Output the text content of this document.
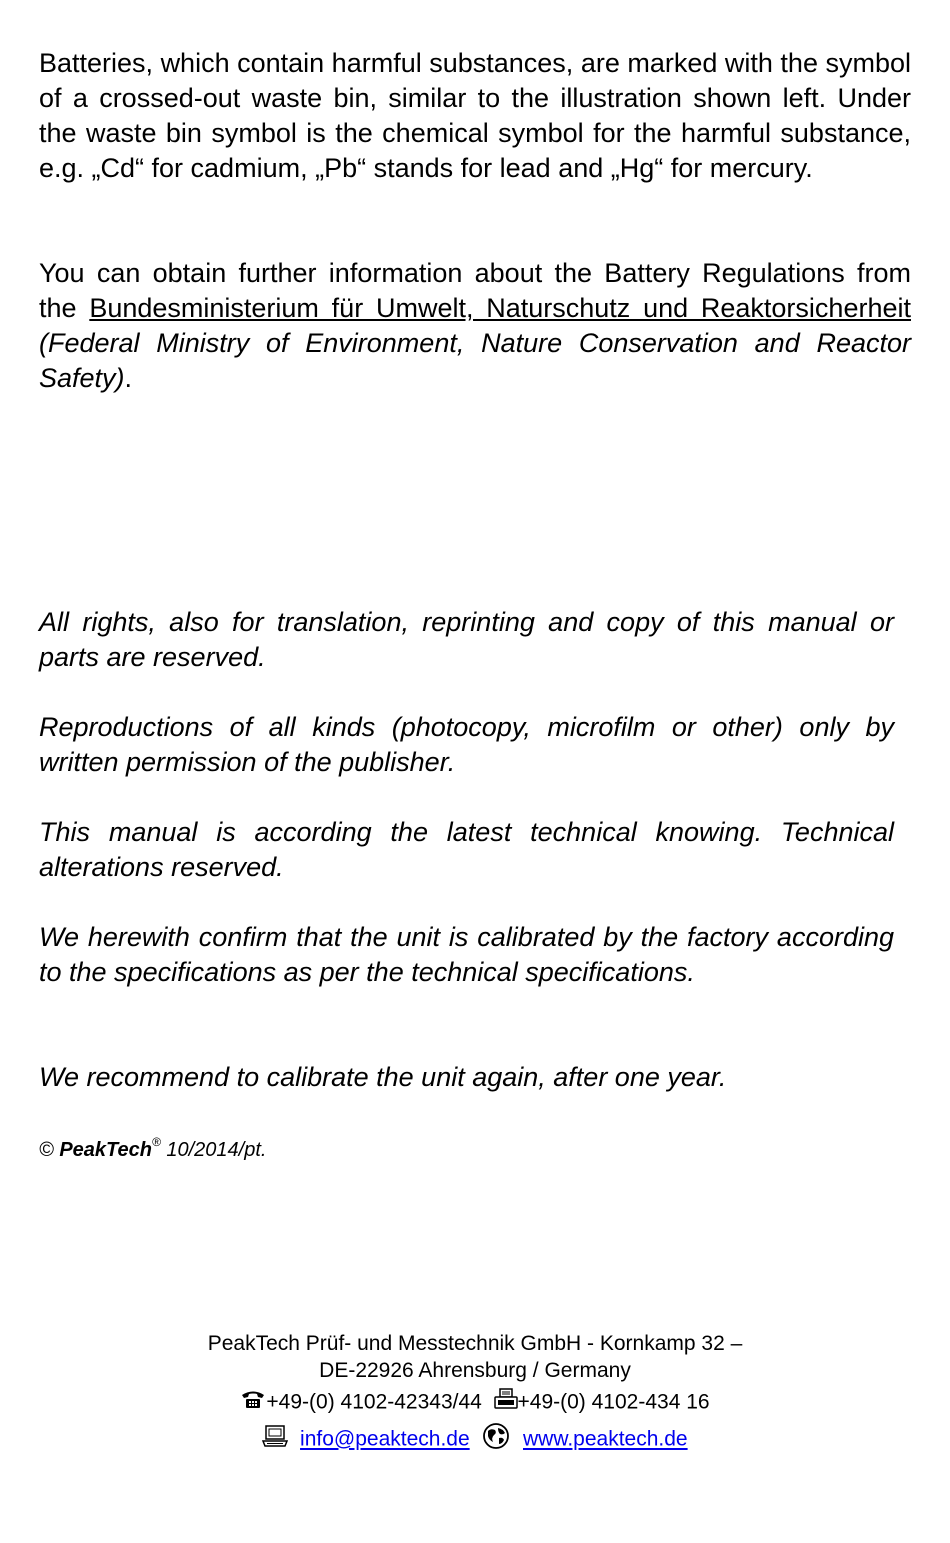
Batteries, which contain harmful substances, are marked with the symbol of a crossed-out waste bin, similar to the illustration shown left. Under the waste bin symbol is the chemical symbol for the harmful substance, e.g. „Cd“ for cadmium, „Pb“ stands for lead and „Hg“ for mercury.

You can obtain further information about the Battery Regulations from the Bundesministerium für Umwelt, Naturschutz und Reaktorsicherheit (Federal Ministry of Environment, Nature Conservation and Reactor Safety).

All rights, also for translation, reprinting and copy of this manual or parts are reserved.

Reproductions of all kinds (photocopy, microfilm or other) only by written permission of the publisher.

This manual is according the latest technical knowing. Technical alterations reserved.

We herewith confirm that the unit is calibrated by the factory according to the specifications as per the technical specifications.

We recommend to calibrate the unit again, after one year.

© PeakTech® 10/2014/pt.
PeakTech Prüf- und Messtechnik GmbH - Kornkamp 32 –
DE-22926 Ahrensburg / Germany
+49-(0) 4102-42343/44 +49-(0) 4102-434 16
info@peaktech.de	www.peaktech.de
